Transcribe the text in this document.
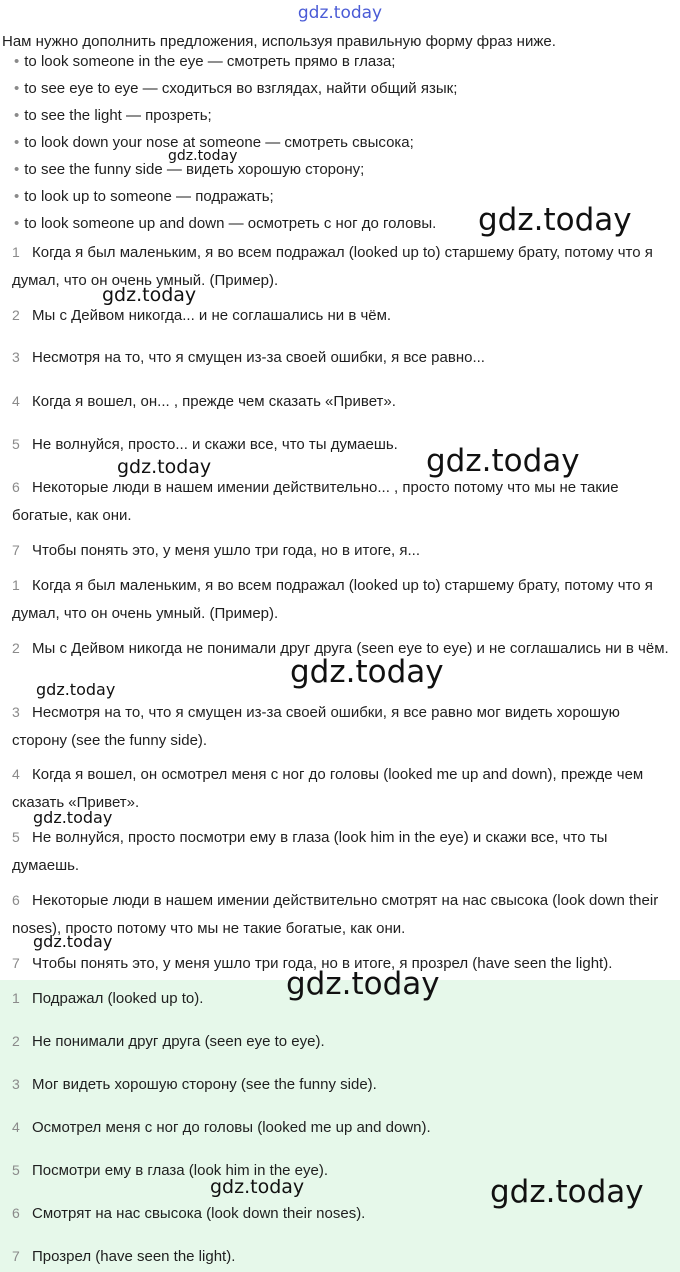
gdz.today
Нам нужно дополнить предложения, используя правильную форму фраз ниже.
• to look someone in the eye — смотреть прямо в глаза;
• to see eye to eye — сходиться во взглядах, найти общий язык;
• to see the light — прозреть;
• to look down your nose at someone — смотреть свысока;
• to see the funny side — видеть хорошую сторону;
• to look up to someone — подражать;
• to look someone up and down — осмотреть с ног до головы.
1 Когда я был маленьким, я во всем подражал (looked up to) старшему брату, потому что я думал, что он очень умный. (Пример).
2 Мы с Дейвом никогда... и не соглашались ни в чём.
3 Несмотря на то, что я смущен из-за своей ошибки, я все равно...
4 Когда я вошел, он... , прежде чем сказать «Привет».
5 Не волнуйся, просто... и скажи все, что ты думаешь.
6 Некоторые люди в нашем имении действительно... , просто потому что мы не такие богатые, как они.
7 Чтобы понять это, у меня ушло три года, но в итоге, я...
1 Когда я был маленьким, я во всем подражал (looked up to) старшему брату, потому что я думал, что он очень умный. (Пример).
2 Мы с Дейвом никогда не понимали друг друга (seen eye to eye) и не соглашались ни в чём.
3 Несмотря на то, что я смущен из-за своей ошибки, я все равно мог видеть хорошую сторону (see the funny side).
4 Когда я вошел, он осмотрел меня с ног до головы (looked me up and down), прежде чем сказать «Привет».
5 Не волнуйся, просто посмотри ему в глаза (look him in the eye) и скажи все, что ты думаешь.
6 Некоторые люди в нашем имении действительно смотрят на нас свысока (look down their noses), просто потому что мы не такие богатые, как они.
7 Чтобы понять это, у меня ушло три года, но в итоге, я прозрел (have seen the light).
1 Подражал (looked up to).
2 Не понимали друг друга (seen eye to eye).
3 Мог видеть хорошую сторону (see the funny side).
4 Осмотрел меня с ног до головы (looked me up and down).
5 Посмотри ему в глаза (look him in the eye).
6 Смотрят на нас свысока (look down their noses).
7 Прозрел (have seen the light).
gdz.today
gdz.today
gdz.today
gdz.today	gdz.today
gdz.today
gdz.today
gdz.today
gdz.today
gdz.today
gdz.today	gdz.today
